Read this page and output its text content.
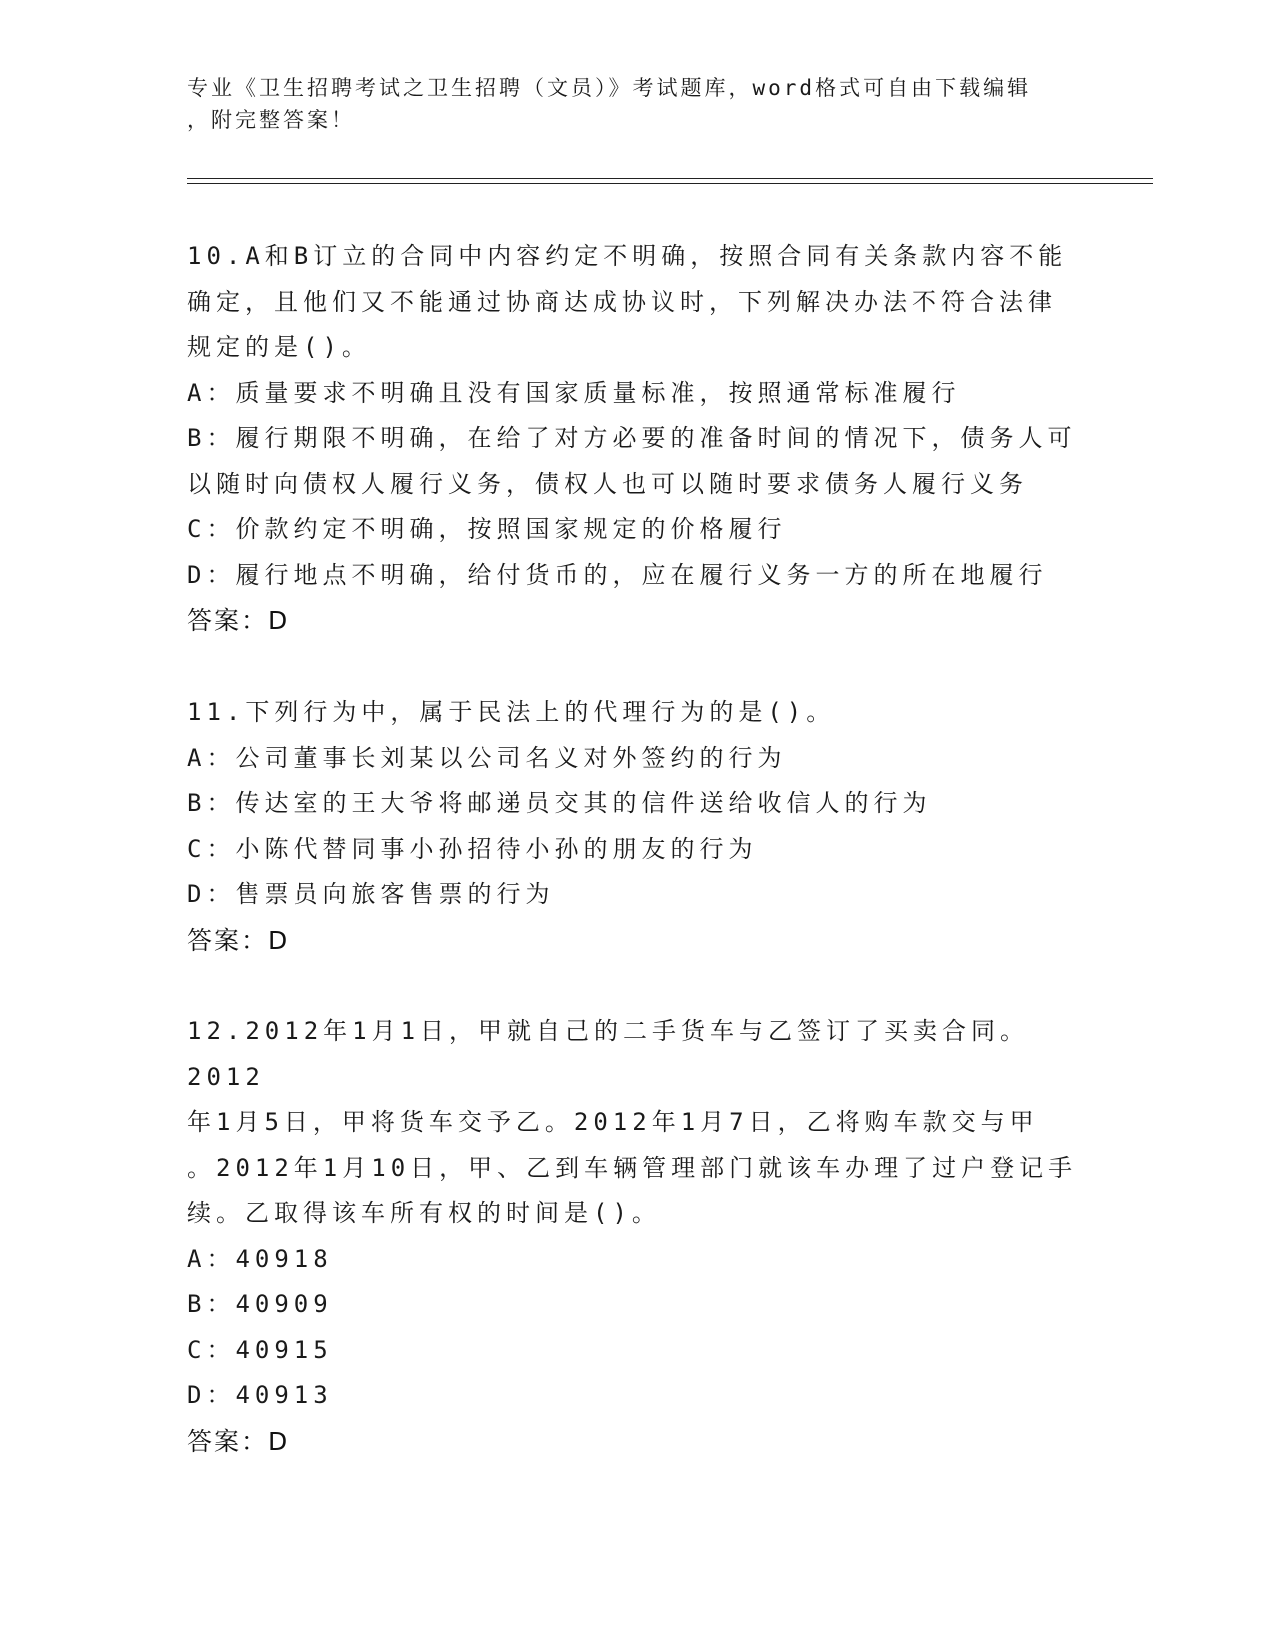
专业《卫生招聘考试之卫生招聘（文员）》考试题库，word格式可自由下载编辑
，附完整答案！
10.A和B订立的合同中内容约定不明确，按照合同有关条款内容不能
确定，且他们又不能通过协商达成协议时，下列解决办法不符合法律
规定的是()。
A：质量要求不明确且没有国家质量标准，按照通常标准履行
B：履行期限不明确，在给了对方必要的准备时间的情况下，债务人可
以随时向债权人履行义务，债权人也可以随时要求债务人履行义务
C：价款约定不明确，按照国家规定的价格履行
D：履行地点不明确，给付货币的，应在履行义务一方的所在地履行
答案：D
11.下列行为中，属于民法上的代理行为的是()。
A：公司董事长刘某以公司名义对外签约的行为
B：传达室的王大爷将邮递员交其的信件送给收信人的行为
C：小陈代替同事小孙招待小孙的朋友的行为
D：售票员向旅客售票的行为
答案：D
12.2012年1月1日，甲就自己的二手货车与乙签订了买卖合同。2012
年1月5日，甲将货车交予乙。2012年1月7日，乙将购车款交与甲
。2012年1月10日，甲、乙到车辆管理部门就该车办理了过户登记手
续。乙取得该车所有权的时间是()。
A：40918
B：40909
C：40915
D：40913
答案：D
